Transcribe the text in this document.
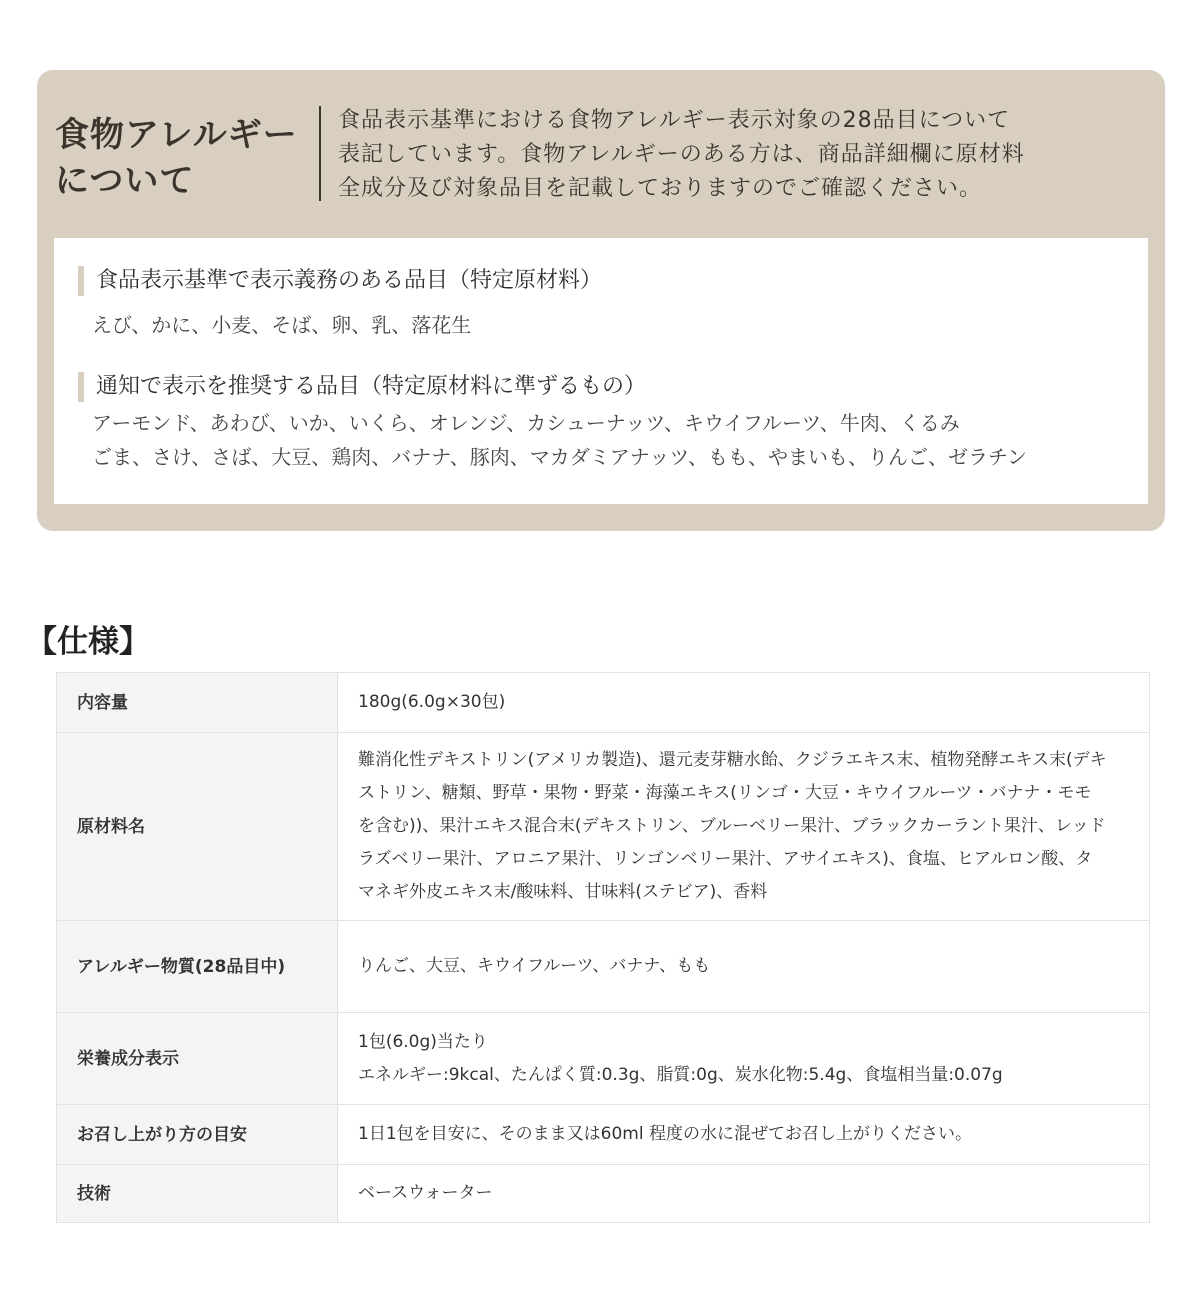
食物アレルギー
について
食品表示基準における食物アレルギー表示対象の28品目について
表記しています。食物アレルギーのある方は、商品詳細欄に原材料
全成分及び対象品目を記載しておりますのでご確認ください。
食品表示基準で表示義務のある品目（特定原材料）
えび、かに、小麦、そば、卵、乳、落花生
通知で表示を推奨する品目（特定原材料に準ずるもの）
アーモンド、あわび、いか、いくら、オレンジ、カシューナッツ、キウイフルーツ、牛肉、くるみ
ごま、さけ、さば、大豆、鶏肉、バナナ、豚肉、マカダミアナッツ、もも、やまいも、りんご、ゼラチン
【仕様】
内容量	180g(6.0g×30包)

原材料名	難消化性デキストリン(アメリカ製造)、還元麦芽糖水飴、クジラエキス末、植物発酵エキス末(デキ
ストリン、糖類、野草・果物・野菜・海藻エキス(リンゴ・大豆・キウイフルーツ・バナナ・モモ
を含む))、果汁エキス混合末(デキストリン、ブルーベリー果汁、ブラックカーラント果汁、レッド
ラズベリー果汁、アロニア果汁、リンゴンベリー果汁、アサイエキス)、食塩、ヒアルロン酸、タ
マネギ外皮エキス末/酸味料、甘味料(ステビア)、香料

アレルギー物質(28品目中)	りんご、大豆、キウイフルーツ、バナナ、もも

栄養成分表示	1包(6.0g)当たり
エネルギー:9kcal、たんぱく質:0.3g、脂質:0g、炭水化物:5.4g、食塩相当量:0.07g

お召し上がり方の目安	1日1包を目安に、そのまま又は60ml 程度の水に混ぜてお召し上がりください。

技術	ベースウォーター
